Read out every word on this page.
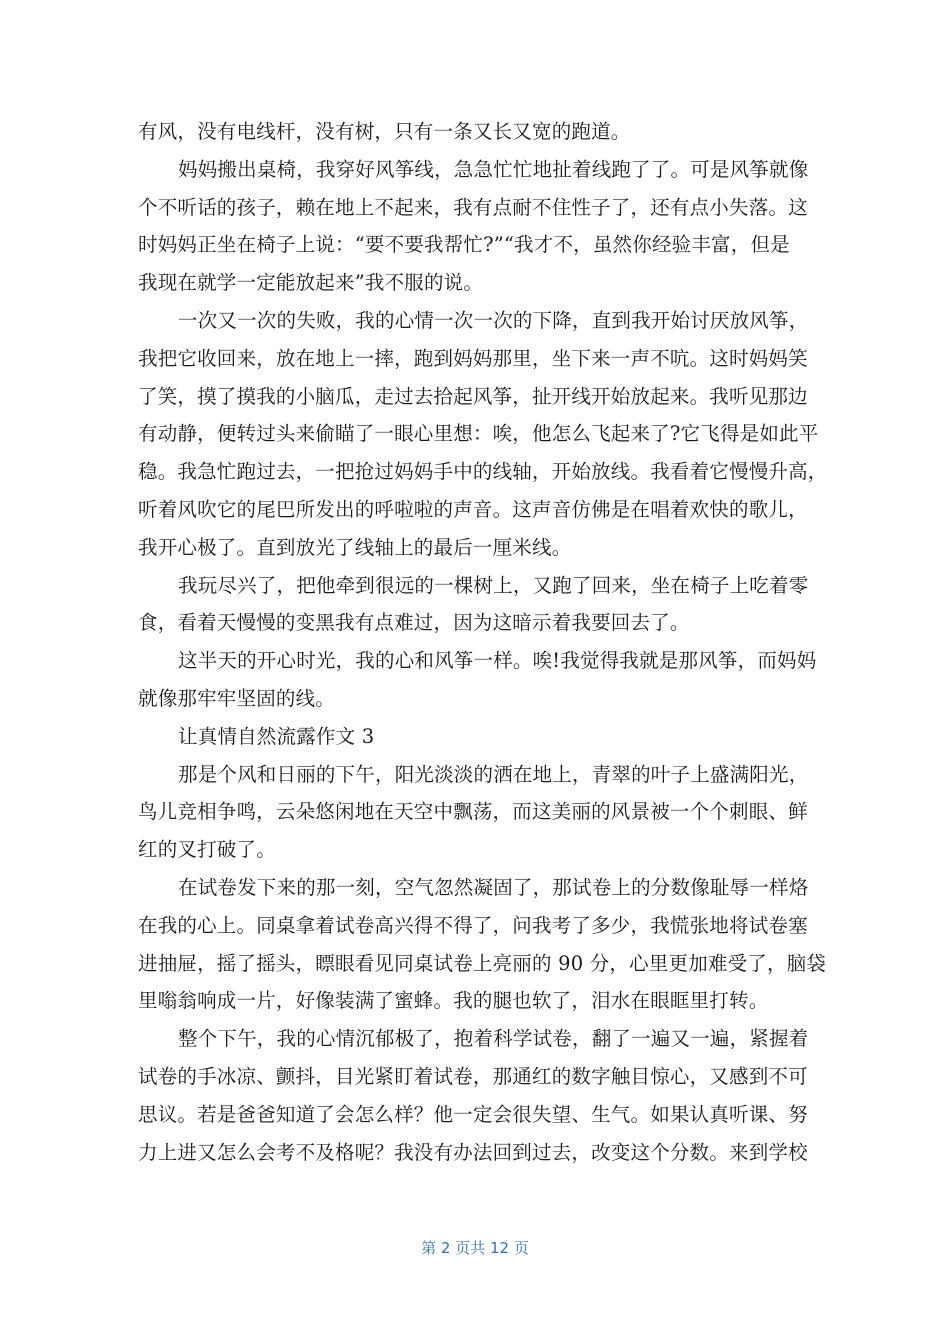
有风，没有电线杆，没有树，只有一条又长又宽的跑道。
妈妈搬出桌椅，我穿好风筝线，急急忙忙地扯着线跑了了。可是风筝就像
个不听话的孩子，赖在地上不起来，我有点耐不住性子了，还有点小失落。这
时妈妈正坐在椅子上说：“要不要我帮忙?”“我才不，虽然你经验丰富，但是
我现在就学一定能放起来”我不服的说。
一次又一次的失败，我的心情一次一次的下降，直到我开始讨厌放风筝，
我把它收回来，放在地上一摔，跑到妈妈那里，坐下来一声不吭。这时妈妈笑
了笑，摸了摸我的小脑瓜，走过去拾起风筝，扯开线开始放起来。我听见那边
有动静，便转过头来偷瞄了一眼心里想：唉，他怎么飞起来了?它飞得是如此平
稳。我急忙跑过去，一把抢过妈妈手中的线轴，开始放线。我看着它慢慢升高，
听着风吹它的尾巴所发出的呼啦啦的声音。这声音仿佛是在唱着欢快的歌儿，
我开心极了。直到放光了线轴上的最后一厘米线。
我玩尽兴了，把他牵到很远的一棵树上，又跑了回来，坐在椅子上吃着零
食，看着天慢慢的变黑我有点难过，因为这暗示着我要回去了。
这半天的开心时光，我的心和风筝一样。唉!我觉得我就是那风筝，而妈妈
就像那牢牢坚固的线。
让真情自然流露作文 3
那是个风和日丽的下午，阳光淡淡的洒在地上，青翠的叶子上盛满阳光，
鸟儿竞相争鸣，云朵悠闲地在天空中飘荡，而这美丽的风景被一个个刺眼、鲜
红的叉打破了。
在试卷发下来的那一刻，空气忽然凝固了，那试卷上的分数像耻辱一样烙
在我的心上。同桌拿着试卷高兴得不得了，问我考了多少，我慌张地将试卷塞
进抽屉，摇了摇头，瞟眼看见同桌试卷上亮丽的 90 分，心里更加难受了，脑袋
里嗡翁响成一片，好像装满了蜜蜂。我的腿也软了，泪水在眼眶里打转。
整个下午，我的心情沉郁极了，抱着科学试卷，翻了一遍又一遍，紧握着
试卷的手冰凉、颤抖，目光紧盯着试卷，那通红的数字触目惊心，又感到不可
思议。若是爸爸知道了会怎么样？他一定会很失望、生气。如果认真听课、努
力上进又怎么会考不及格呢？我没有办法回到过去，改变这个分数。来到学校
第 2 页共 12 页
